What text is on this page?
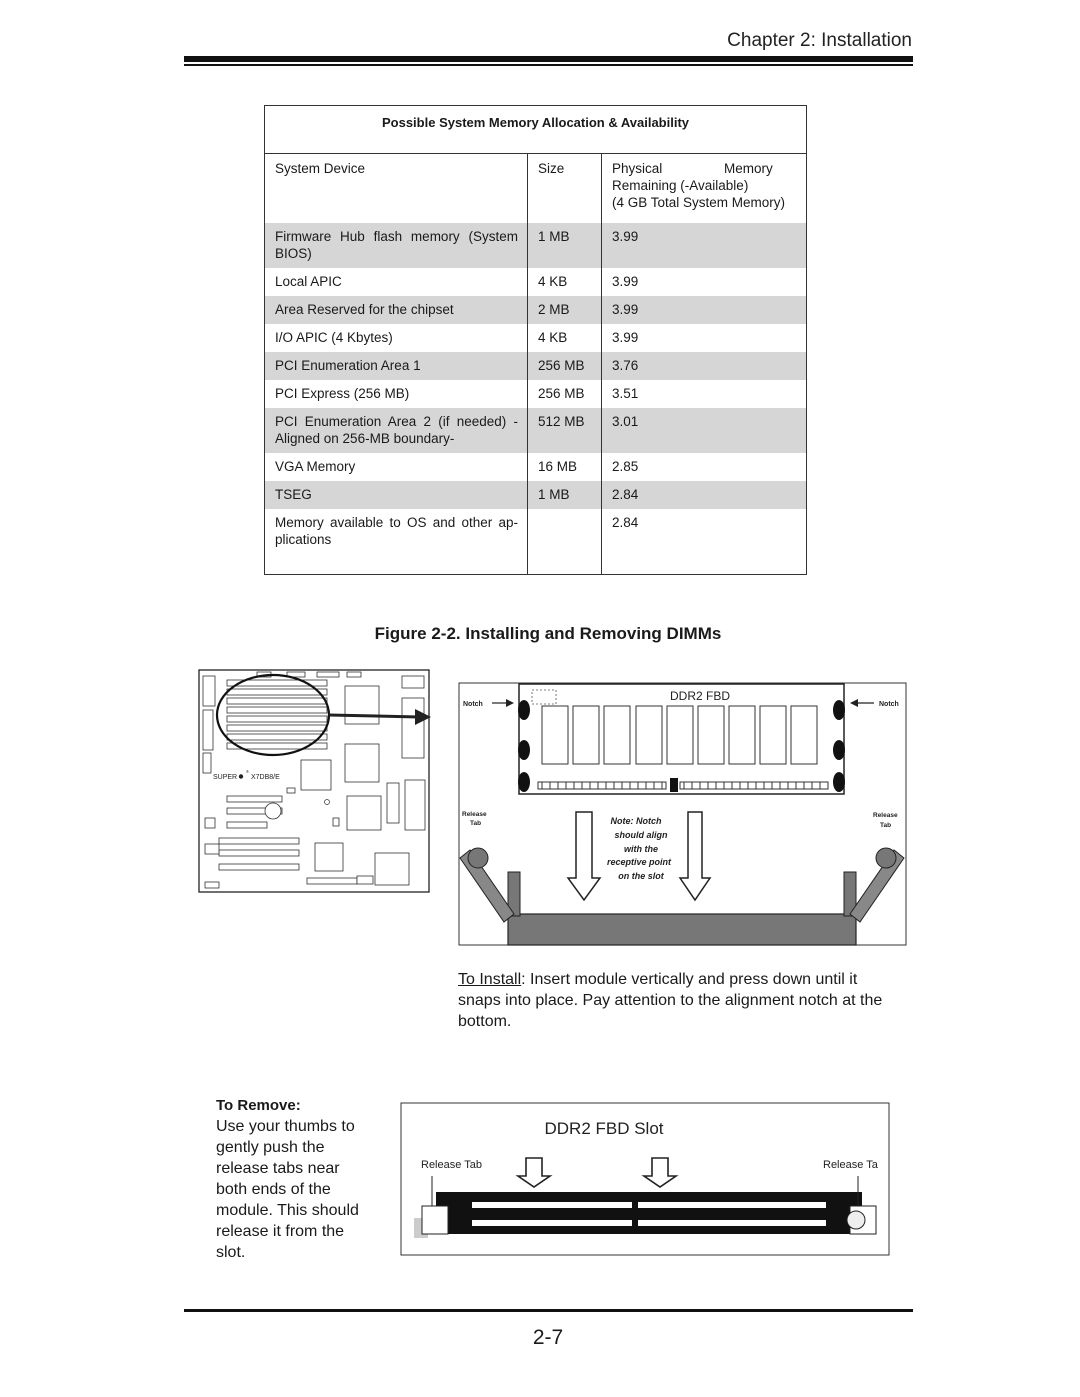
Chapter 2: Installation
Possible System Memory Allocation & Availability		
System Device	Size	Physical Memory
Remaining (-Available)
(4 GB Total System Memory)

Firmware Hub flash memory (System BIOS)	1 MB	3.99
Local APIC	4 KB	3.99
Area Reserved for the chipset	2 MB	3.99
I/O APIC (4 Kbytes)	4 KB	3.99
PCI Enumeration Area 1	256 MB	3.76
PCI Express (256 MB)	256 MB	3.51
PCI Enumeration Area 2 (if needed) -Aligned on 256-MB boundary-	512 MB	3.01
VGA Memory	16 MB	2.85
TSEG	1 MB	2.84
Memory available to OS and other ap- plications		2.84
Figure 2-2. Installing and Removing DIMMs
SUPER
®
X7DB8/E
DDR2 FBD
Notch	Notch
Release
Tab
Release
Tab
Note: Notch
should align
with the
receptive point
on the slot
To Install: Insert module vertically and press down until it snaps into place. Pay attention to the alignment notch at the bottom.
To Remove:
Use your thumbs to gently push the release tabs near both ends of the module. This should release it from the slot.
DDR2 FBD Slot
Release Tab	Release Ta
2-7
